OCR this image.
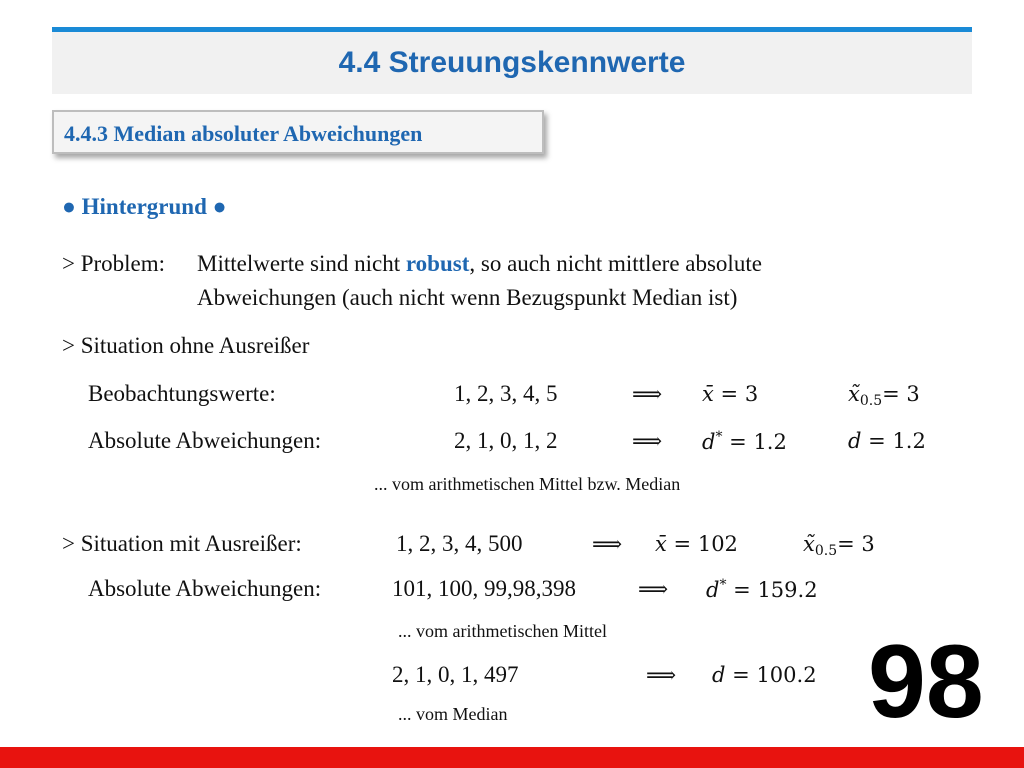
4.4 Streuungskennwerte
4.4.3 Median absoluter Abweichungen
● Hintergrund ●
> Problem: Mittelwerte sind nicht robust, so auch nicht mittlere absolute
Abweichungen (auch nicht wenn Bezugspunkt Median ist)
> Situation ohne Ausreißer
Beobachtungswerte:	1, 2, 3, 4, 5	⟹ x̄ = 3	$x̃_{0.5}= 3$
Absolute Abweichungen:	2, 1, 0, 1, 2	⟹ d* = 1.2	d = 1.2
... vom arithmetischen Mittel bzw. Median
> Situation mit Ausreißer:	1, 2, 3, 4, 500	⟹ x̄ = 102	$x̃_{0.5}= 3$
Absolute Abweichungen:	101, 100, 99,98,398	⟹ d* = 159.2
... vom arithmetischen Mittel
2, 1, 0, 1, 497	⟹ d = 100.2
... vom Median	98
